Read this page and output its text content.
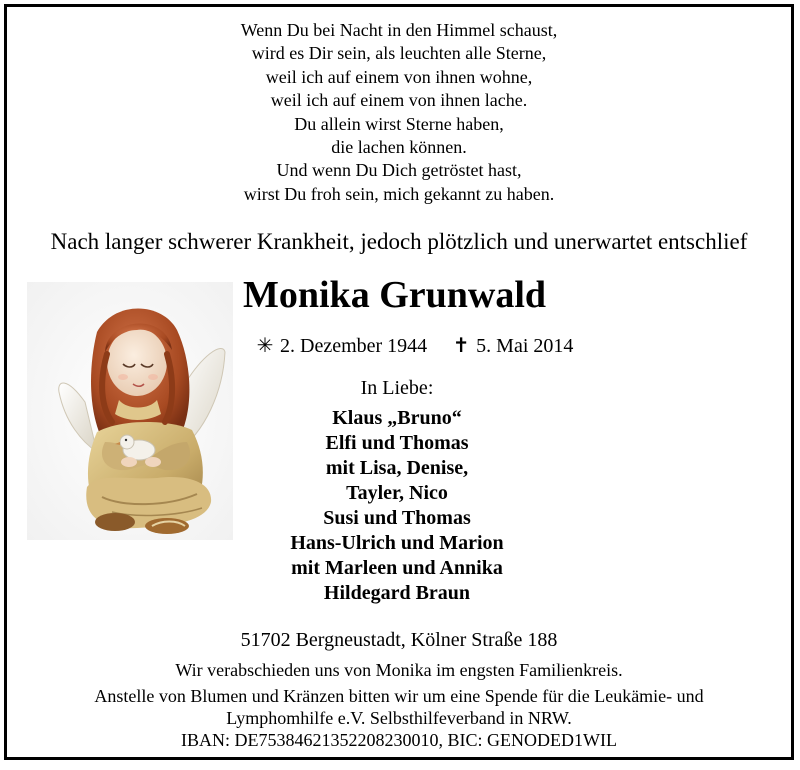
Wenn Du bei Nacht in den Himmel schaust,
wird es Dir sein, als leuchten alle Sterne,
weil ich auf einem von ihnen wohne,
weil ich auf einem von ihnen lache.
Du allein wirst Sterne haben,
die lachen können.
Und wenn Du Dich getröstet hast,
wirst Du froh sein, mich gekannt zu haben.
Nach langer schwerer Krankheit, jedoch plötzlich und unerwartet entschlief
Monika Grunwald
✳ 2. Dezember 1944 ✝ 5. Mai 2014
In Liebe:
Klaus „Bruno“
Elfi und Thomas
mit Lisa, Denise,
Tayler, Nico
Susi und Thomas
Hans-Ulrich und Marion
mit Marleen und Annika
Hildegard Braun
51702 Bergneustadt, Kölner Straße 188
Wir verabschieden uns von Monika im engsten Familienkreis.
Anstelle von Blumen und Kränzen bitten wir um eine Spende für die Leukämie- und
Lymphomhilfe e.V. Selbsthilfeverband in NRW.
IBAN: DE75384621352208230010, BIC: GENODED1WIL
